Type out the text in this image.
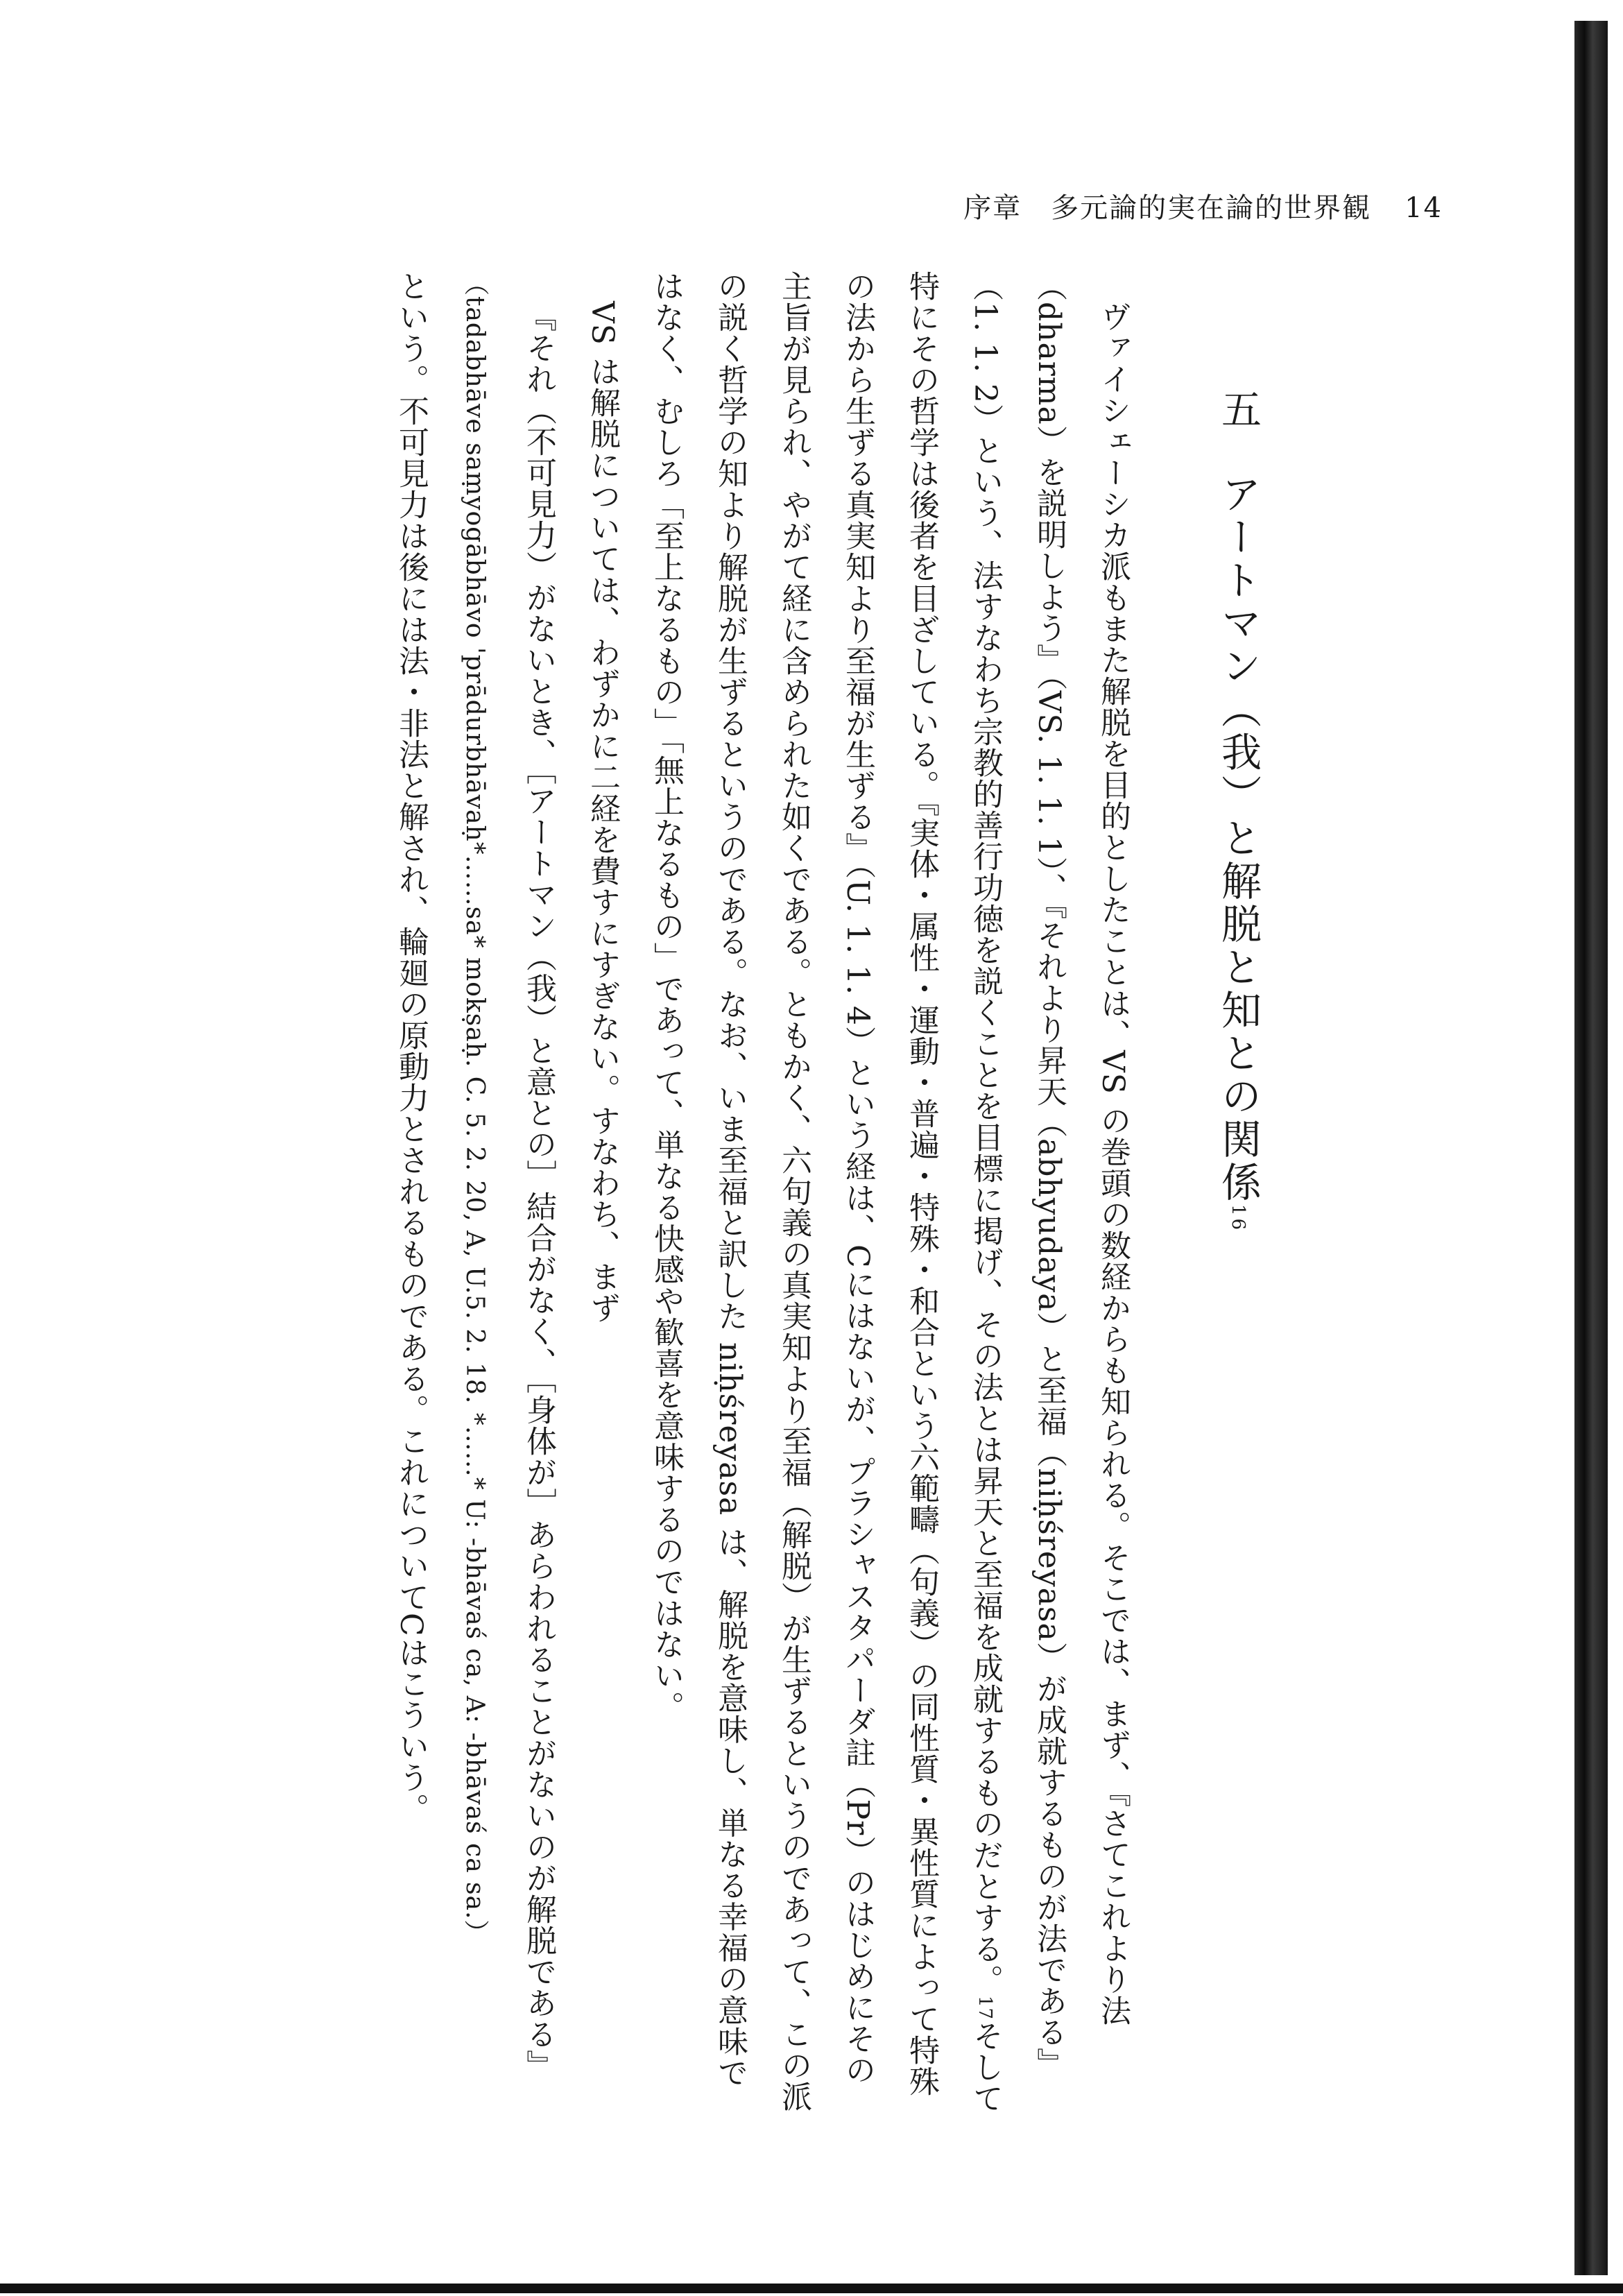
序章　多元論的実在論的世界観 14
五アートマン（我）と解脱と知との関係16

ヴァイシェーシカ派もまた解脱を目的としたことは、VS の巻頭の数経からも知られる。そこでは、まず、『さてこれより法（dharma）を説明しよう』（VS. 1. 1. 1）、『それより昇天（abhyudaya）と至福（niḥśreyasa）が成就するものが法である』（1. 1. 2）という、法すなわち宗教的善行功徳を説くことを目標に掲げ、その法とは昇天と至福を成就するものだとする。17そして特にその哲学は後者を目ざしている。『実体・属性・運動・普遍・特殊・和合という六範疇（句義）の同性質・異性質によって特殊の法から生ずる真実知より至福が生ずる』（U. 1. 1. 4）という経は、Cにはないが、プラシャスタパーダ註（Pr）のはじめにその主旨が見られ、やがて経に含められた如くである。ともかく、六句義の真実知より至福（解脱）が生ずるというのであって、この派の説く哲学の知より解脱が生ずるというのである。なお、いま至福と訳した niḥśreyasa は、解脱を意味し、単なる幸福の意味ではなく、むしろ「至上なるもの」「無上なるもの」であって、単なる快感や歓喜を意味するのではない。

VS は解脱については、わずかに二経を費すにすぎない。すなわち、まず

『それ（不可見力）がないとき、［アートマン（我）と意との］結合がなく、［身体が］あらわれることがないのが解脱である』（tadabhāve saṃyogābhāvo 'prādurbhāvaḥ*……sa* mokṣaḥ. C. 5. 2. 20, A, U.5. 2. 18. *……* U: -bhāvaś ca, A: -bhāvaś ca sa.）

という。不可見力は後には法・非法と解され、輪廻の原動力とされるものである。これについてCはこういう。
